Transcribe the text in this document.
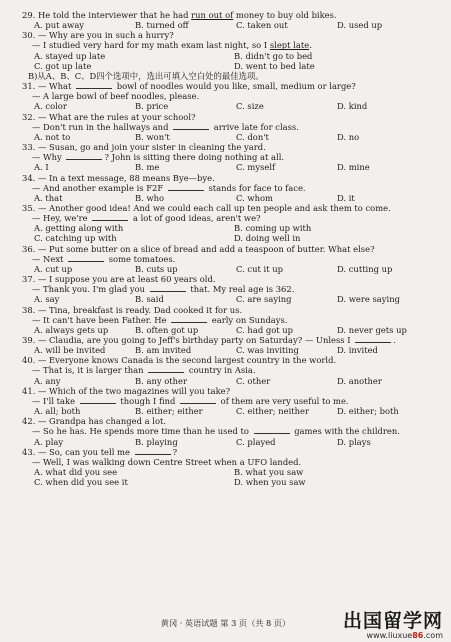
29. He told the interviewer that he had run out of money to buy old bikes.
A. put away	B. turned off	C. taken out	D. used up
30. — Why are you in such a hurry?
— I studied very hard for my math exam last night, so I slept late.
A. stayed up late	B. didn't go to bed
C. got up late	D. went to bed late
B)从A、B、C、D四个选项中，选出可填入空白处的最佳选项。
31. — What	bowl of noodles would you like, small, medium or large?
— A large bowl of beef noodles, please.
A. color	B. price	C. size	D. kind
32. — What are the rules at your school?
— Don't run in the hallways and	arrive late for class.
A. not to	B. won't	C. don't	D. no
33. — Susan, go and join your sister in cleaning the yard.
— Why	? John is sitting there doing nothing at all.
A. I	B. me	C. myself	D. mine
34. — In a text message, 88 means Bye—bye.
— And another example is F2F	stands for face to face.
A. that	B. who	C. whom	D. it
35. — Another good idea! And we could each call up ten people and ask them to come.
— Hey, we're	a lot of good ideas, aren't we?
A. getting along with	B. coming up with
C. catching up with	D. doing well in
36. — Put some butter on a slice of bread and add a teaspoon of butter. What else?
— Next	some tomatoes.
A. cut up	B. cuts up	C. cut it up	D. cutting up
37. — I suppose you are at least 60 years old.
— Thank you. I'm glad you	that. My real age is 362.
A. say	B. said	C. are saying	D. were saying
38. — Tina, breakfast is ready. Dad cooked it for us.
— It can't have been Father. He	early on Sundays.
A. always gets up	B. often got up	C. had got up	D. never gets up
39. — Claudia, are you going to Jeff's birthday party on Saturday? — Unless I	.
A. will be invited	B. am invited	C. was inviting	D. invited
40. — Everyone knows Canada is the second largest country in the world.
— That is, it is larger than	country in Asia.
A. any	B. any other	C. other	D. another
41. — Which of the two magazines will you take?
— I'll take	though I find	of them are very useful to me.
A. all; both	B. either; either	C. either; neither	D. either; both
42. — Grandpa has changed a lot.
— So he has. He spends more time than he used to	games with the children.
A. play	B. playing	C. played	D. plays
43. — So, can you tell me	?
— Well, I was walking down Centre Street when a UFO landed.
A. what did you see	B. what you saw
C. when did you see it	D. when you saw
黄冈 · 英语试题 第 3 页（共 8 页）	出国留学网
www.liuxue86.com
